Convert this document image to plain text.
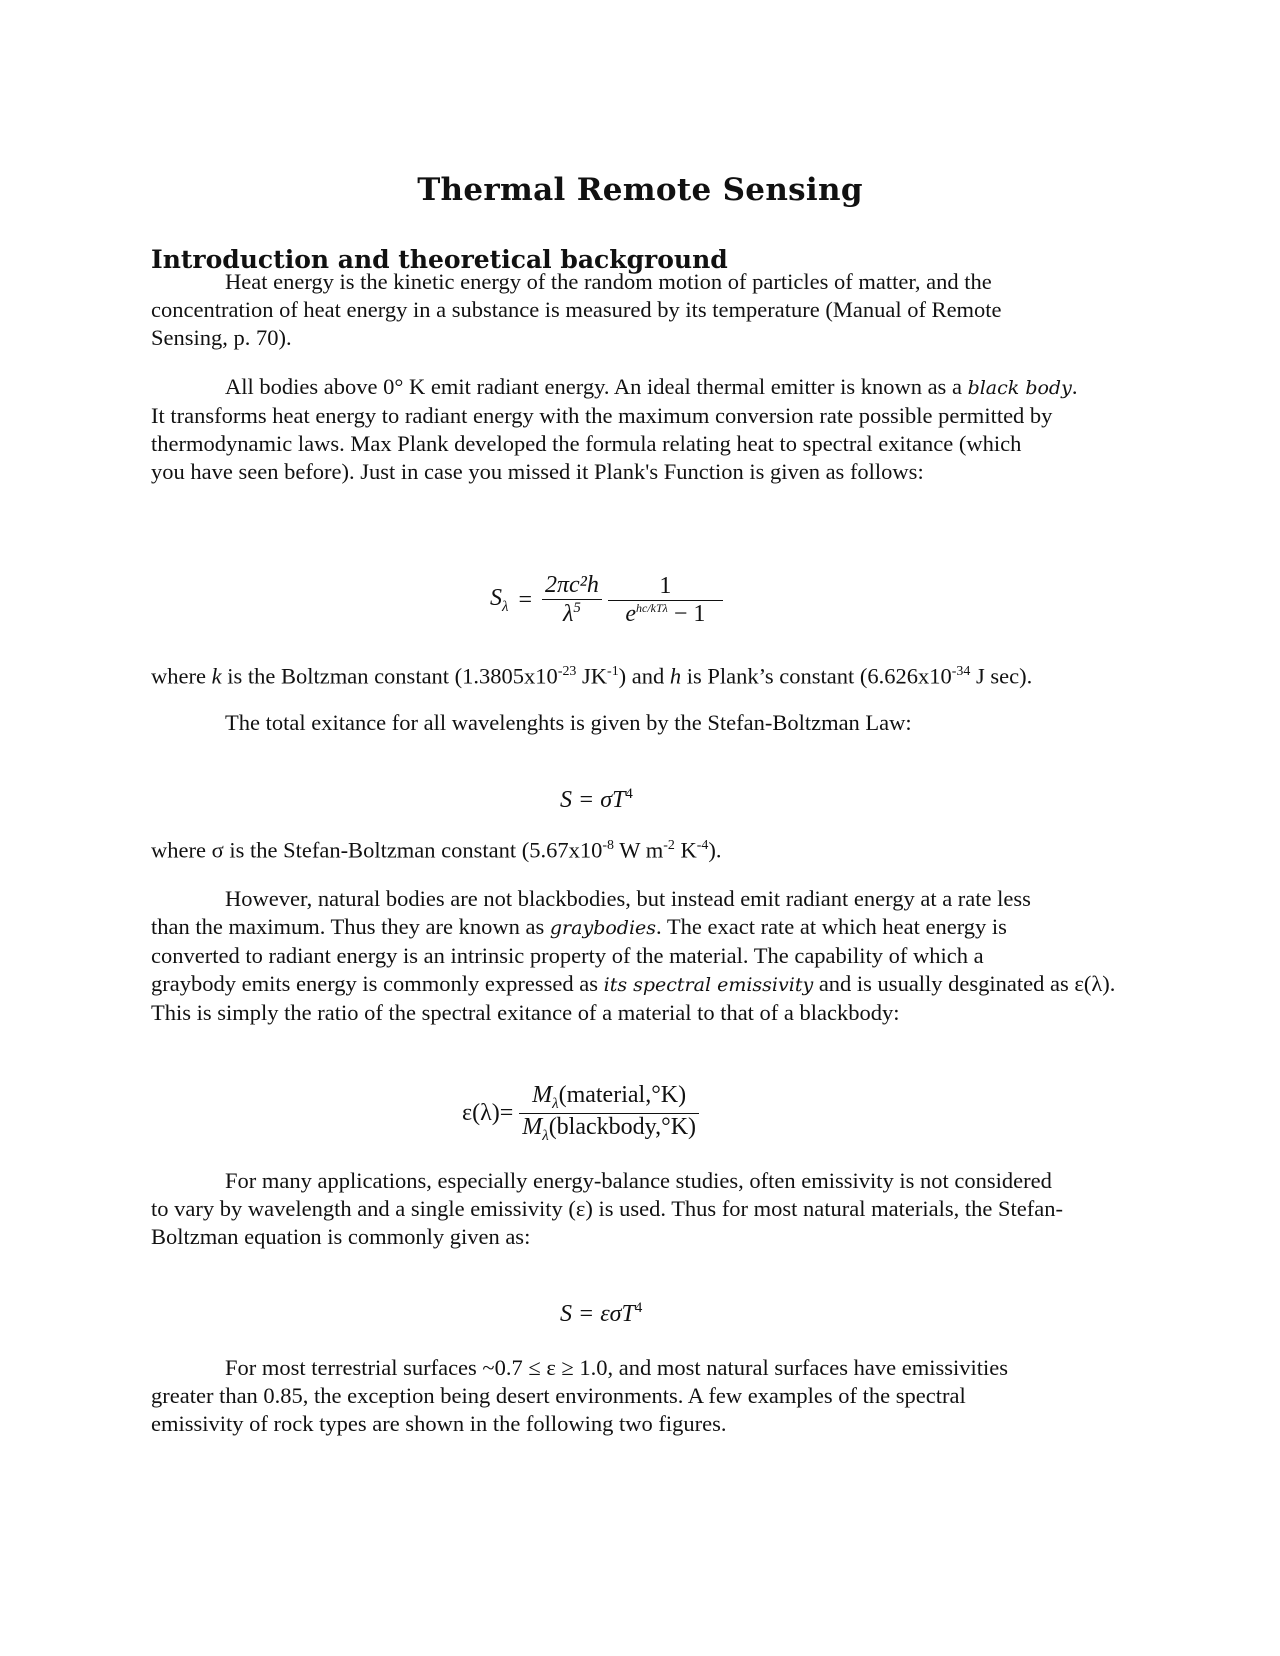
Thermal Remote Sensing
Introduction and theoretical background
Heat energy is the kinetic energy of the random motion of particles of matter, and the
concentration of heat energy in a substance is measured by its temperature (Manual of Remote
Sensing, p. 70).
All bodies above 0° K emit radiant energy. An ideal thermal emitter is known as a black body.
It transforms heat energy to radiant energy with the maximum conversion rate possible permitted by
thermodynamic laws. Max Plank developed the formula relating heat to spectral exitance (which
you have seen before). Just in case you missed it Plank's Function is given as follows:
$S_\lambda = \frac{\text{2πc²h}}{\lambda^5}$
$\frac{1}{e^{hc/kT\lambda} - 1}$
where k is the Boltzman constant ($1.3805x10^{-23}$ $JK^{-1}$) and h is Plank’s constant ($6.626x10^{-34}$ J sec).
The total exitance for all wavelenghts is given by the Stefan-Boltzman Law:
$S = \sigma T^4$
where σ is the Stefan-Boltzman constant ($5.67x10^{-8}$ W $m^{-2}$ $K^{-4}$).
However, natural bodies are not blackbodies, but instead emit radiant energy at a rate less
than the maximum. Thus they are known as graybodies. The exact rate at which heat energy is
converted to radiant energy is an intrinsic property of the material. The capability of which a
graybody emits energy is commonly expressed as its spectral emissivity and is usually desginated as ε(λ).
This is simply the ratio of the spectral exitance of a material to that of a blackbody:
$\varepsilon(\lambda)= \frac{M_\lambda(material,^\circ K)}{M_\lambda(blackbody,^\circ K)}$
For many applications, especially energy-balance studies, often emissivity is not considered
to vary by wavelength and a single emissivity (ε) is used. Thus for most natural materials, the Stefan-
Boltzman equation is commonly given as:
S = εσT$^4$
For most terrestrial surfaces ~0.7 ≤ ε ≥ 1.0, and most natural surfaces have emissivities
greater than 0.85, the exception being desert environments. A few examples of the spectral
emissivity of rock types are shown in the following two figures.
